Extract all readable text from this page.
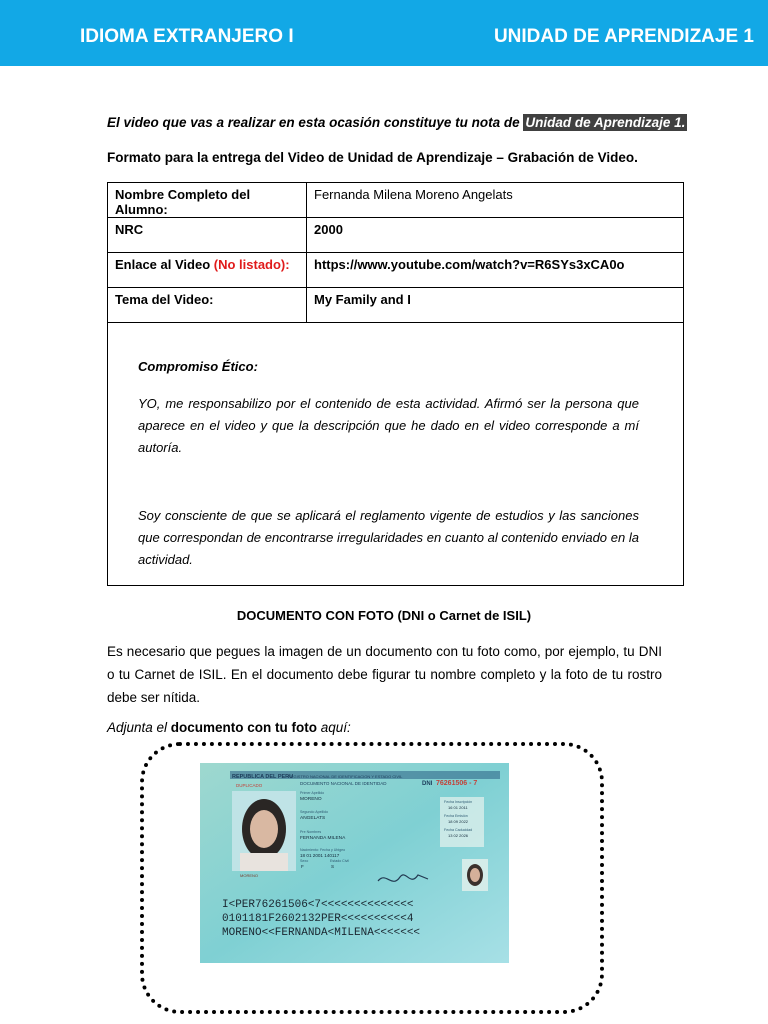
IDIOMA EXTRANJERO I	UNIDAD DE APRENDIZAJE 1
El video que vas a realizar en esta ocasión constituye tu nota de Unidad de Aprendizaje 1.
Formato para la entrega del Video de Unidad de Aprendizaje – Grabación de Video.
Nombre Completo del Alumno:	Fernanda Milena Moreno Angelats
NRC	2000
Enlace al Video (No listado):	https://www.youtube.com/watch?v=R6SYs3xCA0o
Tema del Video:	My Family and I

Compromiso Ético:
YO, me responsabilizo por el contenido de esta actividad. Afirmó ser la persona que aparece en el video y que la descripción que he dado en el video corresponde a mí autoría.
Soy consciente de que se aplicará el reglamento vigente de estudios y las sanciones que correspondan de encontrarse irregularidades en cuanto al contenido enviado en la actividad.	
DOCUMENTO CON FOTO (DNI o Carnet de ISIL)
Es necesario que pegues la imagen de un documento con tu foto como, por ejemplo, tu DNI o tu Carnet de ISIL. En el documento debe figurar tu nombre completo y la foto de tu rostro debe ser nítida.
Adjunta el documento con tu foto aquí:
REPUBLICA DEL PERU
REGISTRO NACIONAL DE IDENTIFICACION Y ESTADO CIVIL
DOCUMENTO NACIONAL DE IDENTIDAD
DUPLICADO	DNI 76261506 - 7
MORENO
Primer Apellido
MORENO
Segundo Apellido
ANGELATS
Pre Nombres
FERNANDA MILENA
Nacimiento: Fecha y Ubigeo
18 01 2001 140117
Sexo	Estado Civil
F	S
Fecha Inscripción
16 01 2011
Fecha Emisión
18 09 2022
Fecha Caducidad
13 02 2026
I<PER76261506<7<<<<<<<<<<<<<<
0101181F2602132PER<<<<<<<<<<4
MORENO<<FERNANDA<MILENA<<<<<<<
